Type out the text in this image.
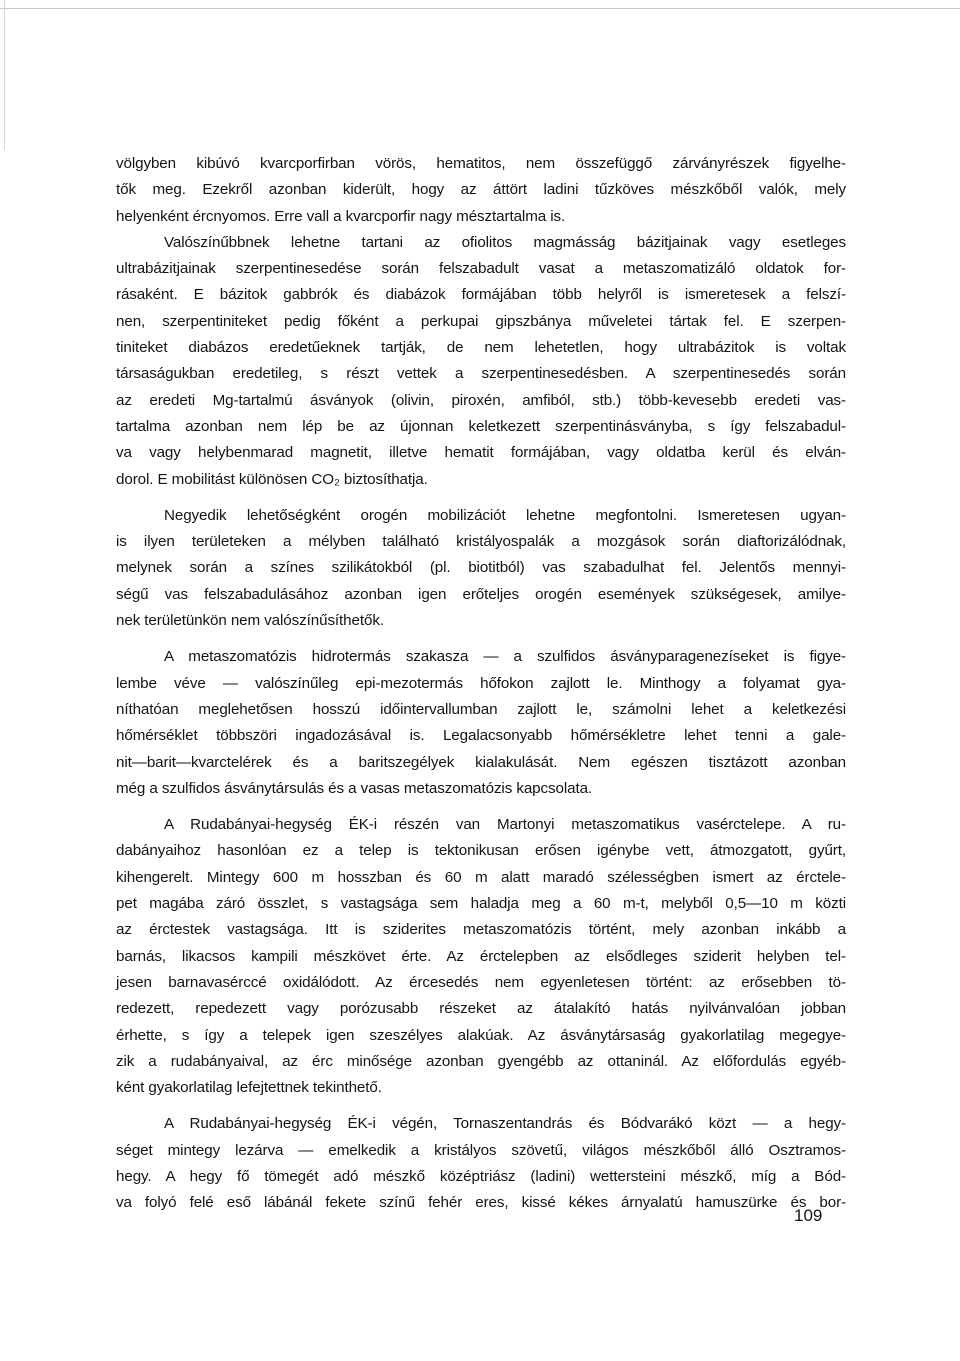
völgyben kibúvó kvarcporfirban vörös, hematitos, nem összefüggő zárványrészek figyelhe-
tők meg. Ezekről azonban kiderült, hogy az áttört ladini tűzköves mészkőből valók, mely
helyenként ércnyomos. Erre vall a kvarcporfir nagy mésztartalma is.
Valószínűbbnek lehetne tartani az ofiolitos magmásság bázitjainak vagy esetleges
ultrabázitjainak szerpentinesedése során felszabadult vasat a metaszomatizáló oldatok for-
rásaként. E bázitok gabbrók és diabázok formájában több helyről is ismeretesek a felszí-
nen, szerpentiniteket pedig főként a perkupai gipszbánya műveletei tártak fel. E szerpen-
tiniteket diabázos eredetűeknek tartják, de nem lehetetlen, hogy ultrabázitok is voltak
társaságukban eredetileg, s részt vettek a szerpentinesedésben. A szerpentinesedés során
az eredeti Mg-tartalmú ásványok (olivin, piroxén, amfiból, stb.) több-kevesebb eredeti vas-
tartalma azonban nem lép be az újonnan keletkezett szerpentinásványba, s így felszabadul-
va vagy helybenmarad magnetit, illetve hematit formájában, vagy oldatba kerül és elván-
dorol. E mobilitást különösen CO₂ biztosíthatja.
Negyedik lehetőségként orogén mobilizációt lehetne megfontolni. Ismeretesen ugyan-
is ilyen területeken a mélyben található kristályospalák a mozgások során diaftorizálódnak,
melynek során a színes szilikátokból (pl. biotitból) vas szabadulhat fel. Jelentős mennyi-
ségű vas felszabadulásához azonban igen erőteljes orogén események szükségesek, amilye-
nek területünkön nem valószínűsíthetők.
A metaszomatózis hidrotermás szakasza — a szulfidos ásványparagenezíseket is figye-
lembe véve — valószínűleg epi-mezotermás hőfokon zajlott le. Minthogy a folyamat gya-
níthatóan meglehetősen hosszú időintervallumban zajlott le, számolni lehet a keletkezési
hőmérséklet többszöri ingadozásával is. Legalacsonyabb hőmérsékletre lehet tenni a gale-
nit—barit—kvarctelérek és a baritszegélyek kialakulását. Nem egészen tisztázott azonban
még a szulfidos ásványtársulás és a vasas metaszomatózis kapcsolata.
A Rudabányai-hegység ÉK-i részén van Martonyi metaszomatikus vasérctelepe. A ru-
dabányaihoz hasonlóan ez a telep is tektonikusan erősen igénybe vett, átmozgatott, gyűrt,
kihengerelt. Mintegy 600 m hosszban és 60 m alatt maradó szélességben ismert az érctele-
pet magába záró összlet, s vastagsága sem haladja meg a 60 m-t, melyből 0,5—10 m közti
az érctestek vastagsága. Itt is sziderites metaszomatózis történt, mely azonban inkább a
barnás, likacsos kampili mészkövet érte. Az érctelepben az elsődleges sziderit helyben tel-
jesen barnavasérccé oxidálódott. Az ércesedés nem egyenletesen történt: az erősebben tö-
redezett, repedezett vagy porózusabb részeket az átalakító hatás nyilvánvalóan jobban
érhette, s így a telepek igen szeszélyes alakúak. Az ásványtársaság gyakorlatilag megegye-
zik a rudabányaival, az érc minősége azonban gyengébb az ottaninál. Az előfordulás egyéb-
ként gyakorlatilag lefejtettnek tekinthető.
A Rudabányai-hegység ÉK-i végén, Tornaszentandrás és Bódvarákó közt — a hegy-
séget mintegy lezárva — emelkedik a kristályos szövetű, világos mészkőből álló Osztramos-
hegy. A hegy fő tömegét adó mészkő középtriász (ladini) wettersteini mészkő, míg a Bód-
va folyó felé eső lábánál fekete színű fehér eres, kissé kékes árnyalatú hamuszürke és bor-
109
